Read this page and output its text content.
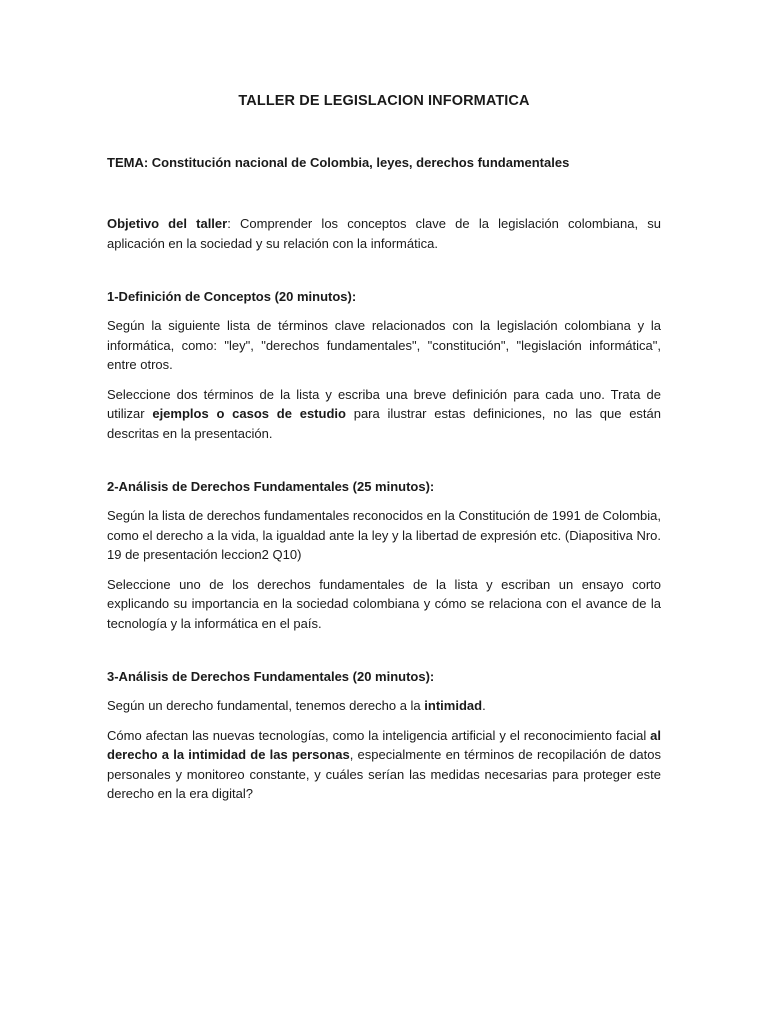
TALLER DE LEGISLACION INFORMATICA
TEMA: Constitución nacional de Colombia, leyes, derechos fundamentales

Objetivo del taller: Comprender los conceptos clave de la legislación colombiana, su aplicación en la sociedad y su relación con la informática.

1-Definición de Conceptos (20 minutos):

Según la siguiente lista de términos clave relacionados con la legislación colombiana y la informática, como: "ley", "derechos fundamentales", "constitución", "legislación informática", entre otros.

Seleccione dos términos de la lista y escriba una breve definición para cada uno. Trata de utilizar ejemplos o casos de estudio para ilustrar estas definiciones, no las que están descritas en la presentación.

2-Análisis de Derechos Fundamentales (25 minutos):

Según la lista de derechos fundamentales reconocidos en la Constitución de 1991 de Colombia, como el derecho a la vida, la igualdad ante la ley y la libertad de expresión etc. (Diapositiva Nro. 19 de presentación leccion2 Q10)

Seleccione uno de los derechos fundamentales de la lista y escriban un ensayo corto explicando su importancia en la sociedad colombiana y cómo se relaciona con el avance de la tecnología y la informática en el país.

3-Análisis de Derechos Fundamentales (20 minutos):

Según un derecho fundamental, tenemos derecho a la intimidad.

Cómo afectan las nuevas tecnologías, como la inteligencia artificial y el reconocimiento facial al derecho a la intimidad de las personas, especialmente en términos de recopilación de datos personales y monitoreo constante, y cuáles serían las medidas necesarias para proteger este derecho en la era digital?
